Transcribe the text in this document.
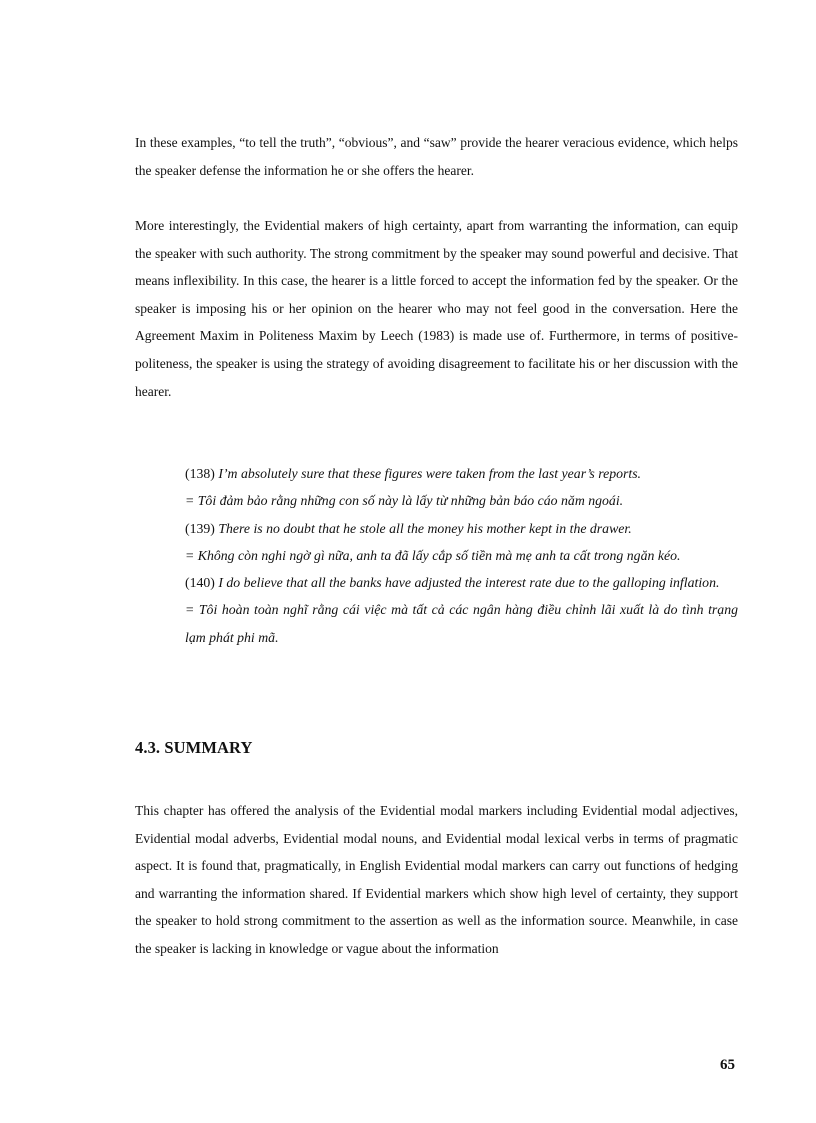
In these examples, “to tell the truth”, “obvious”, and “saw” provide the hearer veracious evidence, which helps the speaker defense the information he or she offers the hearer.

More interestingly, the Evidential makers of high certainty, apart from warranting the information, can equip the speaker with such authority. The strong commitment by the speaker may sound powerful and decisive. That means inflexibility. In this case, the hearer is a little forced to accept the information fed by the speaker. Or the speaker is imposing his or her opinion on the hearer who may not feel good in the conversation. Here the Agreement Maxim in Politeness Maxim by Leech (1983) is made use of. Furthermore, in terms of positive-politeness, the speaker is using the strategy of avoiding disagreement to facilitate his or her discussion with the hearer.

(138) I’m absolutely sure that these figures were taken from the last year’s reports.

= Tôi đảm bảo rằng những con số này là lấy từ những bản báo cáo năm ngoái.

(139) There is no doubt that he stole all the money his mother kept in the drawer.

= Không còn nghi ngờ gì nữa, anh ta đã lấy cắp số tiền mà mẹ anh ta cất trong ngăn kéo.

(140) I do believe that all the banks have adjusted the interest rate due to the galloping inflation.

= Tôi hoàn toàn nghĩ rằng cái việc mà tất cả các ngân hàng điều chỉnh lãi xuất là do tình trạng lạm phát phi mã.

4.3. SUMMARY

This chapter has offered the analysis of the Evidential modal markers including Evidential modal adjectives, Evidential modal adverbs, Evidential modal nouns, and Evidential modal lexical verbs in terms of pragmatic aspect. It is found that, pragmatically, in English Evidential modal markers can carry out functions of hedging and warranting the information shared. If Evidential markers which show high level of certainty, they support the speaker to hold strong commitment to the assertion as well as the information source. Meanwhile, in case the speaker is lacking in knowledge or vague about the information

65
